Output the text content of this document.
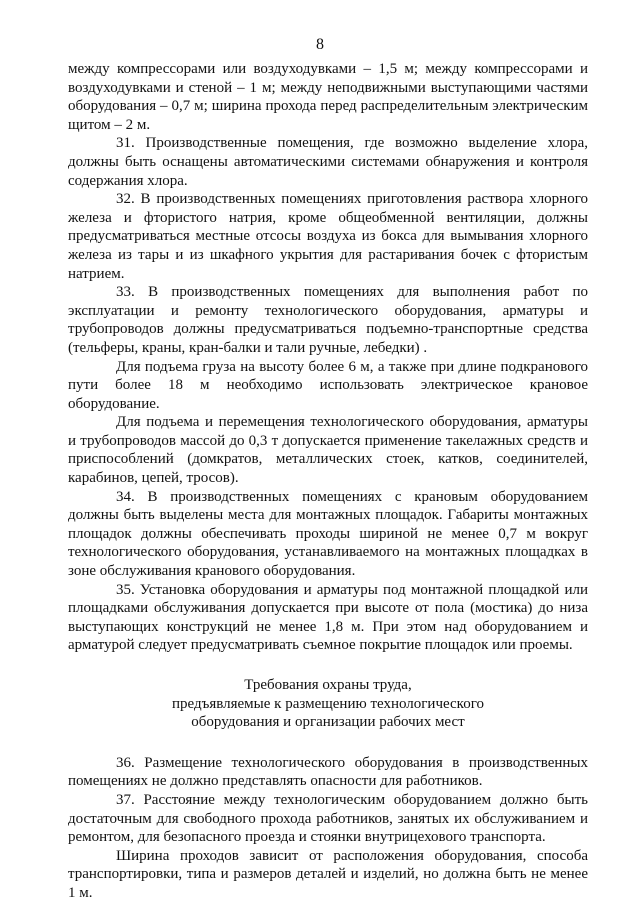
8

между компрессорами или воздуходувками – 1,5 м; между компрессорами и воздуходувками и стеной – 1 м; между неподвижными выступающими частями оборудования – 0,7 м; ширина прохода перед распределительным электрическим щитом – 2 м.

31. Производственные помещения, где возможно выделение хлора, должны быть оснащены автоматическими системами обнаружения и контроля содержания хлора.

32. В производственных помещениях приготовления раствора хлорного железа и фтористого натрия, кроме общеобменной вентиляции, должны предусматриваться местные отсосы воздуха из бокса для вымывания хлорного железа из тары и из шкафного укрытия для растаривания бочек с фтористым натрием.

33. В производственных помещениях для выполнения работ по эксплуатации и ремонту технологического оборудования, арматуры и трубопроводов должны предусматриваться подъемно-транспортные средства (тельферы, краны, кран-балки и тали ручные, лебедки) .

Для подъема груза на высоту более 6 м, а также при длине подкранового пути более 18 м необходимо использовать электрическое крановое оборудование.

Для подъема и перемещения технологического оборудования, арматуры и трубопроводов массой до 0,3 т допускается применение такелажных средств и приспособлений (домкратов, металлических стоек, катков, соединителей, карабинов, цепей, тросов).

34. В производственных помещениях с крановым оборудованием должны быть выделены места для монтажных площадок. Габариты монтажных площадок должны обеспечивать проходы шириной не менее 0,7 м вокруг технологического оборудования, устанавливаемого на монтажных площадках в зоне обслуживания кранового оборудования.

35. Установка оборудования и арматуры под монтажной площадкой или площадками обслуживания допускается при высоте от пола (мостика) до низа выступающих конструкций не менее 1,8 м. При этом над оборудованием и арматурой следует предусматривать съемное покрытие площадок или проемы.

Требования охраны труда,

предъявляемые к размещению технологического

оборудования и организации рабочих мест

36. Размещение технологического оборудования в производственных помещениях не должно представлять опасности для работников.

37. Расстояние между технологическим оборудованием должно быть достаточным для свободного прохода работников, занятых их обслуживанием и ремонтом, для безопасного проезда и стоянки внутрицехового транспорта.

Ширина проходов зависит от расположения оборудования, способа транспортировки, типа и размеров деталей и изделий, но должна быть не менее 1 м.
